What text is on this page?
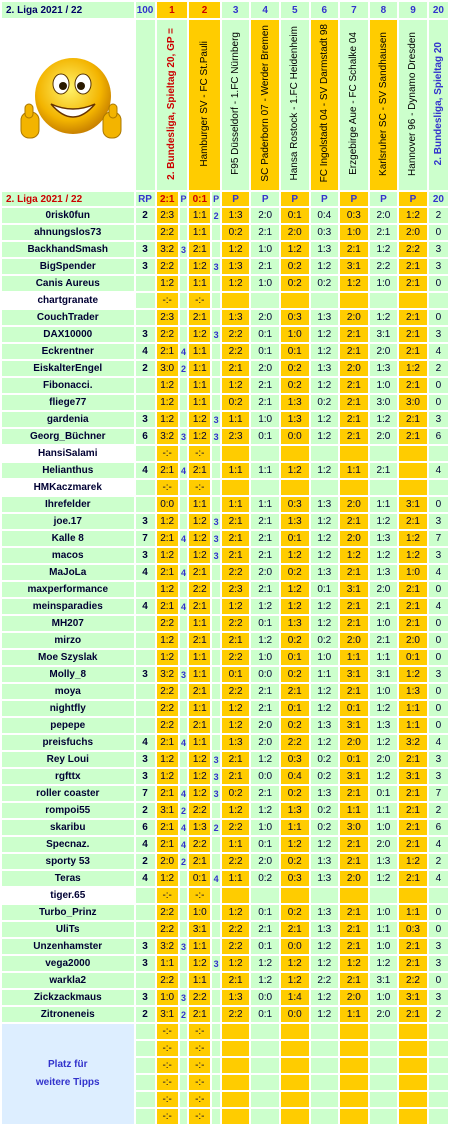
2. Liga 2021 / 22	100	1		2		3	4	5	6	7	8	9	20
		2. Bundesliga, Spieltag 20, GP =		Hamburger SV - FC St.Pauli		F95 Düsseldorf - 1.FC Nürnberg	SC Paderborn 07 - Werder Bremen	Hansa Rostock - 1.FC Heidenheim	FC Ingolstadt 04 - SV Darmstadt 98	Erzgebirge Aue - FC Schalke 04	Karlsruher SC - SV Sandhausen	Hannover 96 - Dynamo Dresden	2. Bundesliga, Spieltag 20
2. Liga 2021 / 22	RP	2:1	P	0:1	P	P	P	P	P	P	P	P	20
0risk0fun	2	2:3		1:1	2	1:3	2:0	0:1	0:4	0:3	2:0	1:2	2
ahnungslos73		2:2		1:1		0:2	2:1	2:0	0:3	1:0	2:1	2:0	0
BackhandSmash	3	3:2	3	2:1		1:2	1:0	1:2	1:3	2:1	1:2	2:2	3
BigSpender	3	2:2		1:2	3	1:3	2:1	0:2	1:2	3:1	2:2	2:1	3
Canis Aureus		1:2		1:1		1:2	1:0	0:2	0:2	1:2	1:0	2:1	0
chartgranate		-:-		-:-									
CouchTrader		2:3		2:1		1:3	2:0	0:3	1:3	2:0	1:2	2:1	0
DAX10000	3	2:2		1:2	3	2:2	0:1	1:0	1:2	2:1	3:1	2:1	3
Eckrentner	4	2:1	4	1:1		2:2	0:1	0:1	1:2	2:1	2:0	2:1	4
EiskalterEngel	2	3:0	2	1:1		2:1	2:0	0:2	1:3	2:0	1:3	1:2	2
Fibonacci.		1:2		1:1		1:2	2:1	0:2	1:2	2:1	1:0	2:1	0
fliege77		1:2		1:1		0:2	2:1	1:3	0:2	2:1	3:0	3:0	0
gardenia	3	1:2		1:2	3	1:1	1:0	1:3	1:2	2:1	1:2	2:1	3
Georg_Büchner	6	3:2	3	1:2	3	2:3	0:1	0:0	1:2	2:1	2:0	2:1	6
HansiSalami		-:-		-:-									
Helianthus	4	2:1	4	2:1		1:1	1:1	1:2	1:2	1:1	2:1		4
HMKaczmarek		-:-		-:-									
Ihrefelder		0:0		1:1		1:1	1:1	0:3	1:3	2:0	1:1	3:1	0
joe.17	3	1:2		1:2	3	2:1	2:1	1:3	1:2	2:1	1:2	2:1	3
Kalle 8	7	2:1	4	1:2	3	2:1	2:1	0:1	1:2	2:0	1:3	1:2	7
macos	3	1:2		1:2	3	2:1	2:1	1:2	1:2	1:2	1:2	1:2	3
MaJoLa	4	2:1	4	2:1		2:2	2:0	0:2	1:3	2:1	1:3	1:0	4
maxperformance		1:2		2:2		2:3	2:1	1:2	0:1	3:1	2:0	2:1	0
meinsparadies	4	2:1	4	2:1		1:2	1:2	1:2	1:2	2:1	2:1	2:1	4
MH207		2:2		1:1		2:2	0:1	1:3	1:2	2:1	1:0	2:1	0
mirzo		1:2		2:1		2:1	1:2	0:2	0:2	2:0	2:1	2:0	0
Moe Szyslak		1:2		1:1		2:2	1:0	0:1	1:0	1:1	1:1	0:1	0
Molly_8	3	3:2	3	1:1		0:1	0:0	0:2	1:1	3:1	3:1	1:2	3
moya		2:2		2:1		2:2	2:1	2:1	1:2	2:1	1:0	1:3	0
nightfly		2:2		1:1		1:2	2:1	0:1	1:2	0:1	1:2	1:1	0
pepepe		2:2		2:1		1:2	2:0	0:2	1:3	3:1	1:3	1:1	0
preisfuchs	4	2:1	4	1:1		1:3	2:0	2:2	1:2	2:0	1:2	3:2	4
Rey Loui	3	1:2		1:2	3	2:1	1:2	0:3	0:2	0:1	2:0	2:1	3
rgfttx	3	1:2		1:2	3	2:1	0:0	0:4	0:2	3:1	1:2	3:1	3
roller coaster	7	2:1	4	1:2	3	0:2	2:1	0:2	1:3	2:1	0:1	2:1	7
rompoi55	2	3:1	2	2:2		1:2	1:2	1:3	0:2	1:1	1:1	2:1	2
skaribu	6	2:1	4	1:3	2	2:2	1:0	1:1	0:2	3:0	1:0	2:1	6
Specnaz.	4	2:1	4	2:2		1:1	0:1	1:2	1:2	2:1	2:0	2:1	4
sporty 53	2	2:0	2	2:1		2:2	2:0	0:2	1:3	2:1	1:3	1:2	2
Teras	4	1:2		0:1	4	1:1	0:2	0:3	1:3	2:0	1:2	2:1	4
tiger.65		-:-		-:-									
Turbo_Prinz		2:2		1:0		1:2	0:1	0:2	1:3	2:1	1:0	1:1	0
UliTs		2:2		3:1		2:2	2:1	2:1	1:3	2:1	1:1	0:3	0
Unzenhamster	3	3:2	3	1:1		2:2	0:1	0:0	1:2	2:1	1:0	2:1	3
vega2000	3	1:1		1:2	3	1:2	1:2	1:2	1:2	1:2	1:2	2:1	3
warkla2		2:2		1:1		2:1	1:2	1:2	2:2	2:1	3:1	2:2	0
Zickzackmaus	3	1:0	3	2:2		1:3	0:0	1:4	1:2	2:0	1:0	3:1	3
Zitroneneis	2	3:1	2	2:1		2:2	0:1	0:0	1:2	1:1	2:0	2:1	2

Platz für
weitere Tipps		-:-		-:-									
		-:-		-:-									
		-:-		-:-									
		-:-		-:-									
		-:-		-:-									
		-:-		-:-									
